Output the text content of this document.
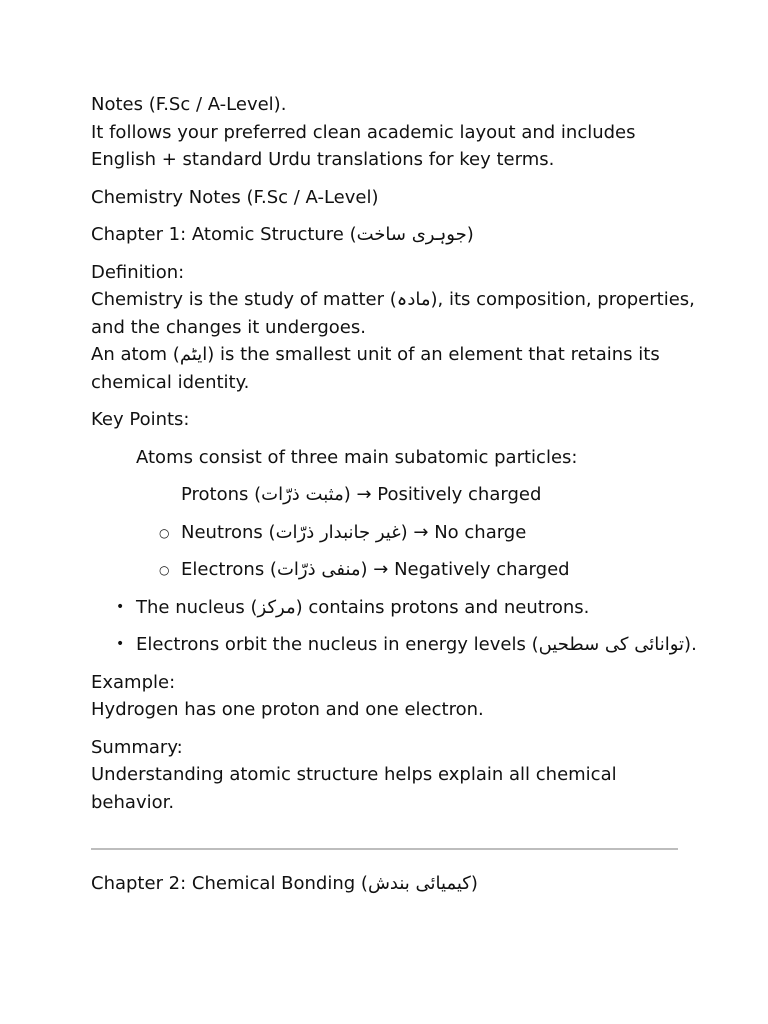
Notes (F.Sc / A-Level).
It follows your preferred clean academic layout and includes
English + standard Urdu translations for key terms.

Chemistry Notes (F.Sc / A-Level)

Chapter 1: Atomic Structure (جوہری ساخت)

Definition:
Chemistry is the study of matter (مادہ), its composition, properties,
and the changes it undergoes.
An atom (ایٹم) is the smallest unit of an element that retains its
chemical identity.

Key Points:

Atoms consist of three main subatomic particles:
Protons (مثبت ذرّات) → Positively charged
○ Neutrons (غیر جانبدار ذرّات) → No charge
○ Electrons (منفی ذرّات) → Negatively charged
• The nucleus (مرکز) contains protons and neutrons.
• Electrons orbit the nucleus in energy levels (توانائی کی سطحیں).

Example:
Hydrogen has one proton and one electron.

Summary:
Understanding atomic structure helps explain all chemical
behavior.

Chapter 2: Chemical Bonding (کیمیائی بندش)
